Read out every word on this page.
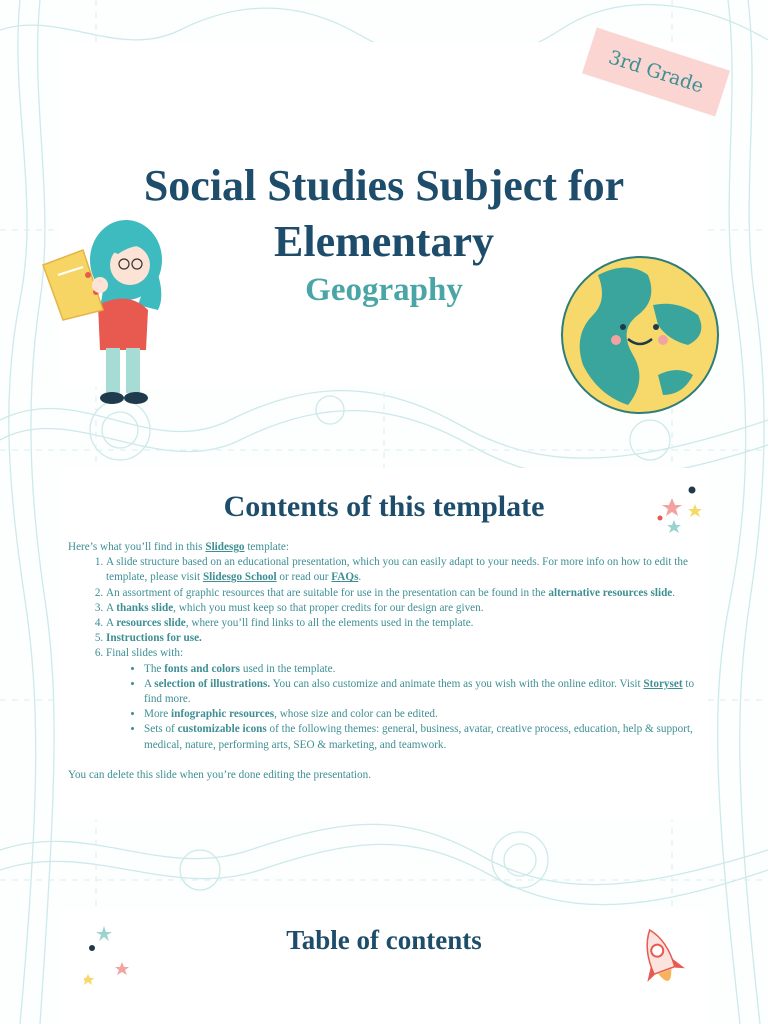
3rd Grade
Social Studies Subject for Elementary
Geography
Contents of this template

Here’s what you’ll find in this Slidesgo template:

1. A slide structure based on an educational presentation, which you can easily adapt to your needs. For more info on how to edit the template, please visit Slidesgo School or read our FAQs.
2. An assortment of graphic resources that are suitable for use in the presentation can be found in the alternative resources slide.
3. A thanks slide, which you must keep so that proper credits for our design are given.
4. A resources slide, where you’ll find links to all the elements used in the template.
5. Instructions for use.
6. Final slides with:
• The fonts and colors used in the template.
• A selection of illustrations. You can also customize and animate them as you wish with the online editor. Visit Storyset to find more.
• More infographic resources, whose size and color can be edited.
• Sets of customizable icons of the following themes: general, business, avatar, creative process, education, help & support, medical, nature, performing arts, SEO & marketing, and teamwork.

You can delete this slide when you’re done editing the presentation.

Table of contents
